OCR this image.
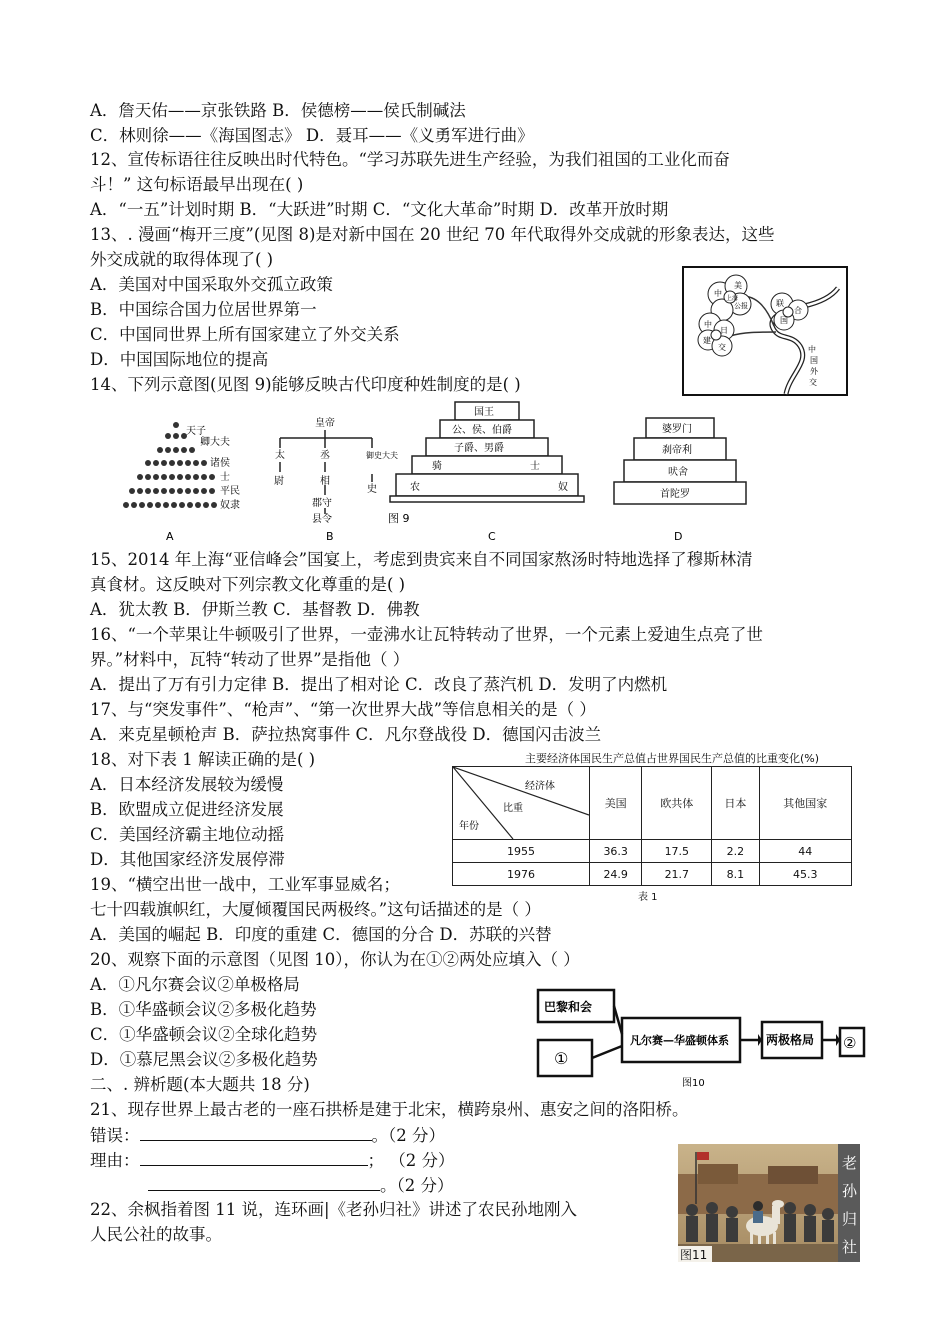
A．詹天佑——京张铁路 B．侯德榜——侯氏制碱法
C．林则徐——《海国图志》 D．聂耳——《义勇军进行曲》
12、宣传标语往往反映出时代特色。“学习苏联先进生产经验，为我们祖国的工业化而奋
斗！” 这句标语最早出现在( )
A．“一五”计划时期 B．“大跃进”时期 C．“文化大革命”时期 D．改革开放时期
13、. 漫画“梅开三度”(见图 8)是对新中国在 20 世纪 70 年代取得外交成就的形象表达，这些
外交成就的取得体现了( )
A．美国对中国采取外交孤立政策
B．中国综合国力位居世界第一
C．中国同世界上所有国家建立了外交关系
D．中国国际地位的提高
14、下列示意图(见图 9)能够反映古代印度种姓制度的是( )
15、2014 年上海“亚信峰会”国宴上，考虑到贵宾来自不同国家熬汤时特地选择了穆斯林清
真食材。这反映对下列宗教文化尊重的是( )
A．犹太教 B．伊斯兰教 C．基督教 D．佛教
16、“一个苹果让牛顿吸引了世界，一壶沸水让瓦特转动了世界，一个元素上爱迪生点亮了世
界。”材料中，瓦特“转动了世界”是指他（ ）
A．提出了万有引力定律 B．提出了相对论 C．改良了蒸汽机 D．发明了内燃机
17、与“突发事件”、“枪声”、“第一次世界大战”等信息相关的是（ ）
A．来克星顿枪声 B．萨拉热窝事件 C．凡尔登战役 D．德国闪击波兰
18、对下表 1 解读正确的是( )
A．日本经济发展较为缓慢
B．欧盟成立促进经济发展
C．美国经济霸主地位动摇
D．其他国家经济发展停滞
19、“横空出世一战中，工业军事显威名；
七十四载旗帜红，大厦倾覆国民两极终。”这句话描述的是（ ）
A．美国的崛起 B．印度的重建 C．德国的分合 D．苏联的兴替
20、观察下面的示意图（见图 10），你认为在①②两处应填入（ ）
A．①凡尔赛会议②单极格局
B．①华盛顿会议②多极化趋势
C．①华盛顿会议②全球化趋势
D．①慕尼黑会议②多极化趋势
二、. 辨析题(本大题共 18 分)
21、现存世界上最古老的一座石拱桥是建于北宋，横跨泉州、惠安之间的洛阳桥。
错误：	。（2 分）
理由：	； （2 分）
。（2 分）
22、余枫指着图 11 说，连环画|《老孙归社》讲述了农民孙地刚入
人民公社的故事。
中
美
上海
公报	联
合
国
中
日
建
交	中
国
外
交
天子
卿大夫
诸侯
士
平民
奴隶
皇帝
太	丞	御史大夫
尉	相
史
郡守
县令	图 9
国王
公、侯、伯爵
子爵、男爵
骑	士
农	奴
婆罗门
刹帝利
吠舍
首陀罗
A	B	C	D
主要经济体国民生产总值占世界国民生产总值的比重变化(%)
经济体
比重
年份	美国	欧共体	日本	其他国家
1955	36.3	17.5	2.2	44
1976	24.9	21.7	8.1	45.3
表 1
巴黎和会
①
凡尔赛—华盛顿体系	两极格局 ②
图10
老
孙
归
社
图11
